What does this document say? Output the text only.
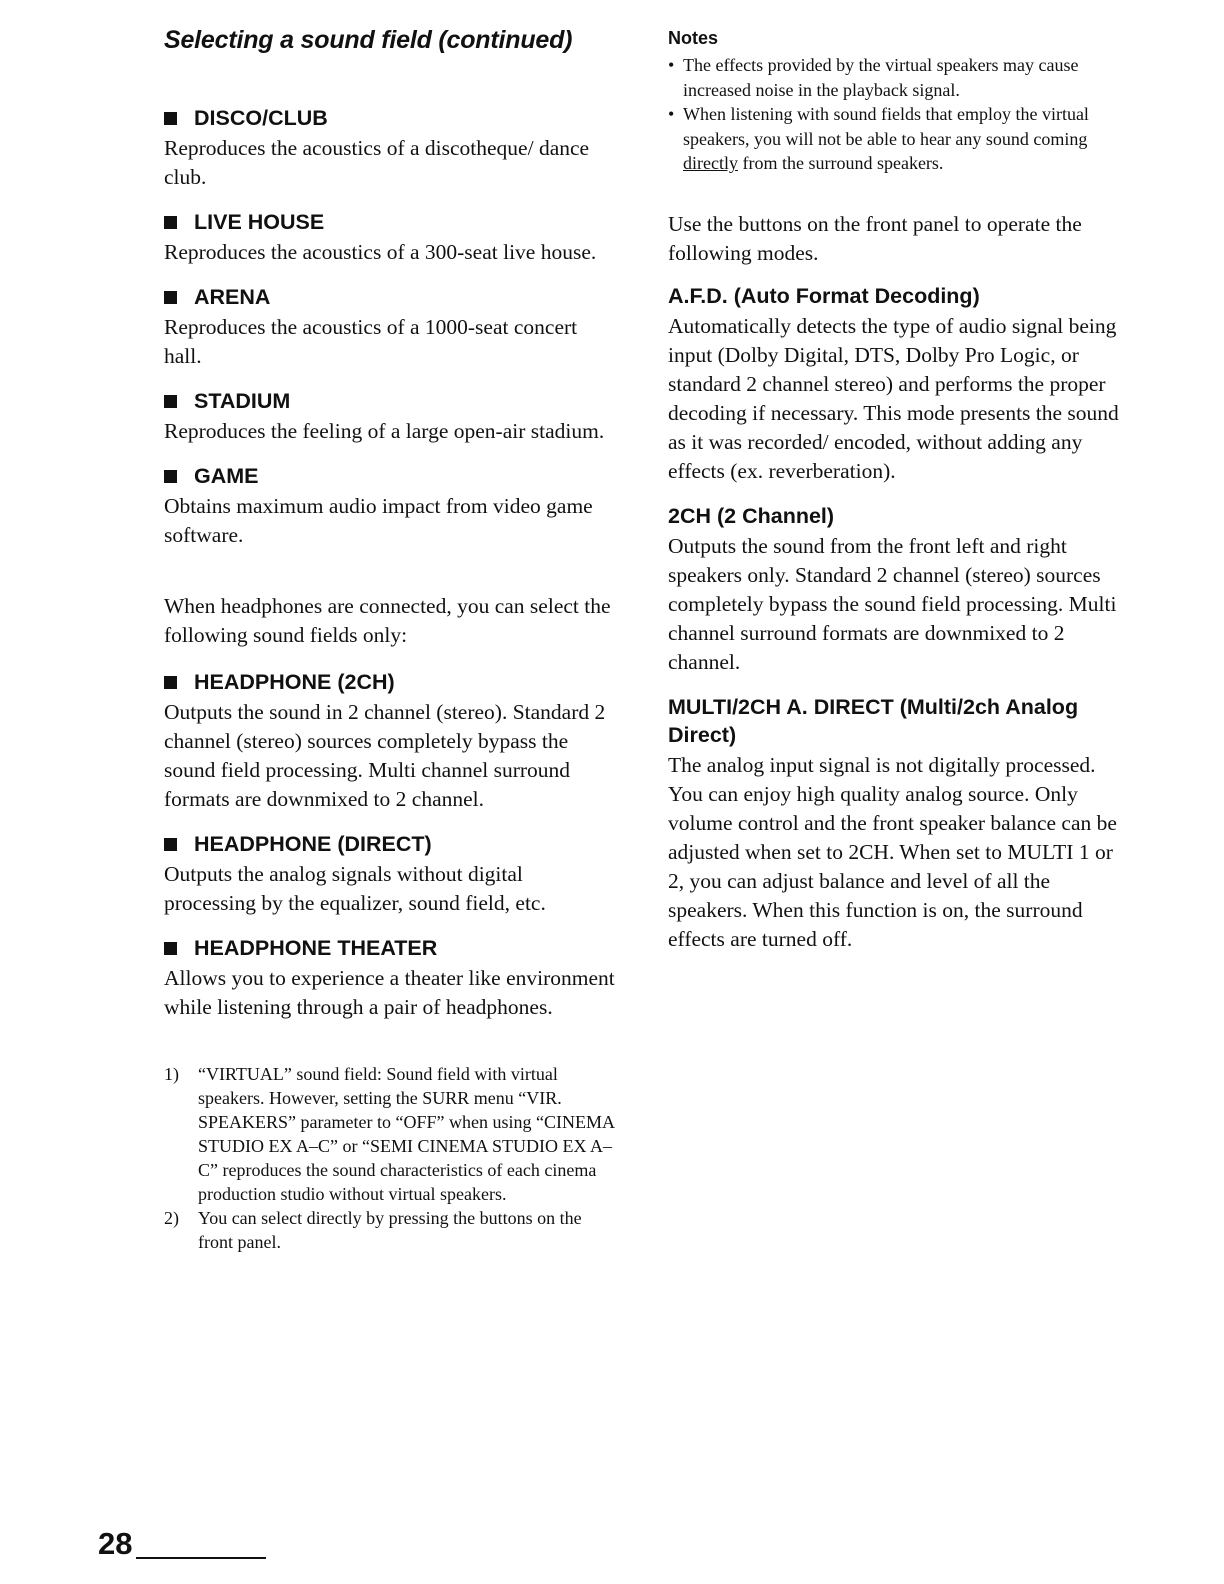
Selecting a sound field (continued)
DISCO/CLUB

Reproduces the acoustics of a discotheque/ dance club.

LIVE HOUSE

Reproduces the acoustics of a 300-seat live house.

ARENA

Reproduces the acoustics of a 1000-seat concert hall.

STADIUM

Reproduces the feeling of a large open-air stadium.

GAME

Obtains maximum audio impact from video game software.

When headphones are connected, you can select the following sound fields only:

HEADPHONE (2CH)

Outputs the sound in 2 channel (stereo). Standard 2 channel (stereo) sources completely bypass the sound field processing. Multi channel surround formats are downmixed to 2 channel.

HEADPHONE (DIRECT)

Outputs the analog signals without digital processing by the equalizer, sound field, etc.

HEADPHONE THEATER

Allows you to experience a theater like environment while listening through a pair of headphones.

1)	“VIRTUAL” sound field: Sound field with virtual speakers. However, setting the SURR menu “VIR. SPEAKERS” parameter to “OFF” when using “CINEMA STUDIO EX A–C” or “SEMI CINEMA STUDIO EX A–C” reproduces the sound characteristics of each cinema production studio without virtual speakers.
2)	You can select directly by pressing the buttons on the front panel.
Notes
• The effects provided by the virtual speakers may cause increased noise in the playback signal.
• When listening with sound fields that employ the virtual speakers, you will not be able to hear any sound coming directly from the surround speakers.

Use the buttons on the front panel to operate the following modes.

A.F.D. (Auto Format Decoding)

Automatically detects the type of audio signal being input (Dolby Digital, DTS, Dolby Pro Logic, or standard 2 channel stereo) and performs the proper decoding if necessary. This mode presents the sound as it was recorded/ encoded, without adding any effects (ex. reverberation).

2CH (2 Channel)

Outputs the sound from the front left and right speakers only. Standard 2 channel (stereo) sources completely bypass the sound field processing. Multi channel surround formats are downmixed to 2 channel.

MULTI/2CH A. DIRECT (Multi/2ch Analog Direct)

The analog input signal is not digitally processed. You can enjoy high quality analog source. Only volume control and the front speaker balance can be adjusted when set to 2CH. When set to MULTI 1 or 2, you can adjust balance and level of all the speakers. When this function is on, the surround effects are turned off.

28
